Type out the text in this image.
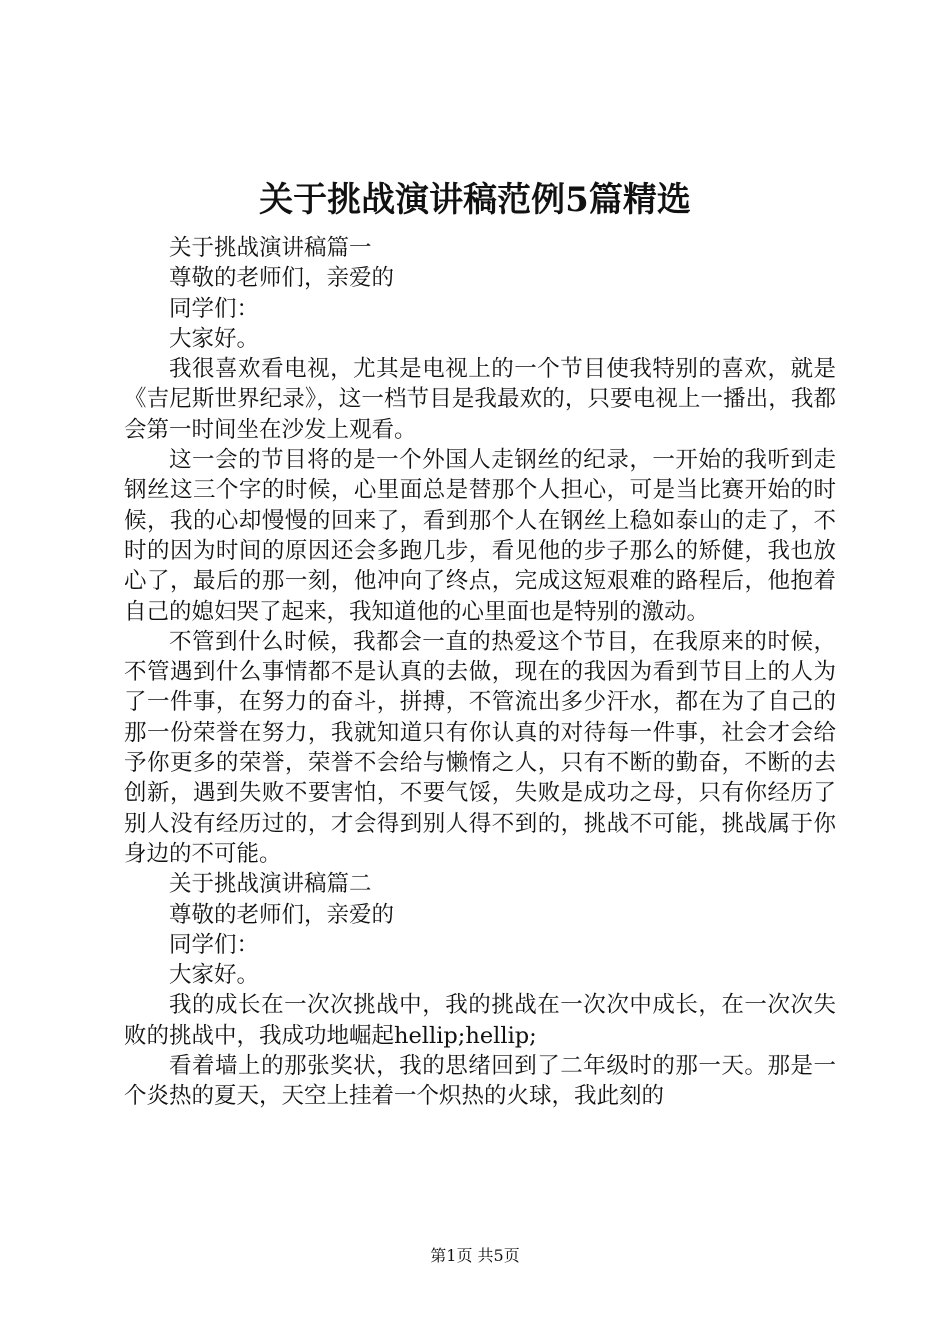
关于挑战演讲稿范例5篇精选

关于挑战演讲稿篇一

尊敬的老师们，亲爱的

同学们：

大家好。

我很喜欢看电视，尤其是电视上的一个节目使我特别的喜欢，就是《吉尼斯世界纪录》，这一档节目是我最欢的，只要电视上一播出，我都会第一时间坐在沙发上观看。

这一会的节目将的是一个外国人走钢丝的纪录，一开始的我听到走钢丝这三个字的时候，心里面总是替那个人担心，可是当比赛开始的时候，我的心却慢慢的回来了，看到那个人在钢丝上稳如泰山的走了，不时的因为时间的原因还会多跑几步，看见他的步子那么的矫健，我也放心了，最后的那一刻，他冲向了终点，完成这短艰难的路程后，他抱着自己的媳妇哭了起来，我知道他的心里面也是特别的激动。

不管到什么时候，我都会一直的热爱这个节目，在我原来的时候，不管遇到什么事情都不是认真的去做，现在的我因为看到节目上的人为了一件事，在努力的奋斗，拼搏，不管流出多少汗水，都在为了自己的那一份荣誉在努力，我就知道只有你认真的对待每一件事，社会才会给予你更多的荣誉，荣誉不会给与懒惰之人，只有不断的勤奋，不断的去创新，遇到失败不要害怕，不要气馁，失败是成功之母，只有你经历了别人没有经历过的，才会得到别人得不到的，挑战不可能，挑战属于你身边的不可能。

关于挑战演讲稿篇二

尊敬的老师们，亲爱的

同学们：

大家好。

我的成长在一次次挑战中，我的挑战在一次次中成长，在一次次失败的挑战中，我成功地崛起hellip;hellip;

看着墙上的那张奖状，我的思绪回到了二年级时的那一天。那是一个炎热的夏天，天空上挂着一个炽热的火球，我此刻的

第1页 共5页
